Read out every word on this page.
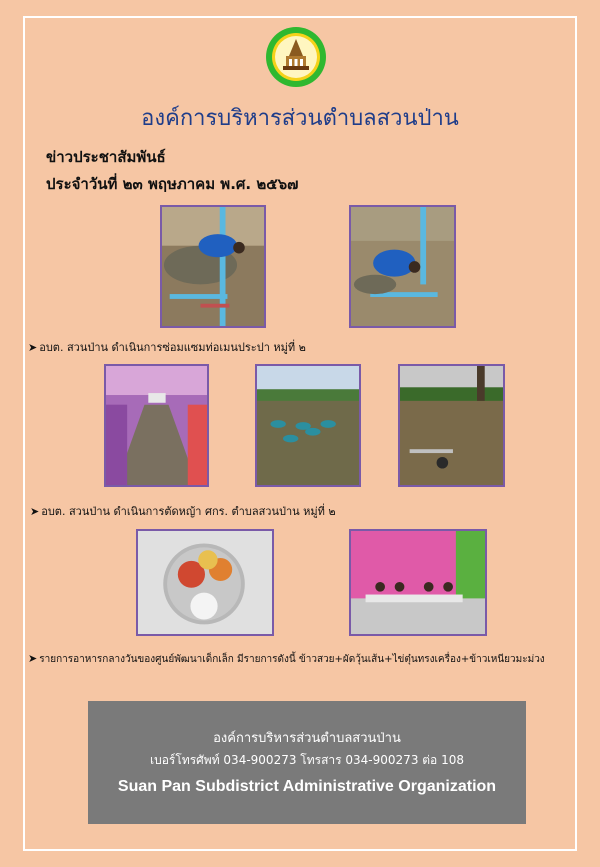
องค์การบริหารส่วนตำบลสวนป่าน
ข่าวประชาสัมพันธ์
ประจำวันที่ ๒๓ พฤษภาคม พ.ศ. ๒๕๖๗
➤ อบต. สวนป่าน ดำเนินการซ่อมแซมท่อเมนประปา หมู่ที่ ๒
➤ อบต. สวนป่าน ดำเนินการตัดหญ้า ศกร. ตำบลสวนป่าน หมู่ที่ ๒
➤ รายการอาหารกลางวันของศูนย์พัฒนาเด็กเล็ก มีรายการดังนี้ ข้าวสวย+ผัดวุ้นเส้น+ไข่ตุ๋นทรงเครื่อง+ข้าวเหนียวมะม่วง
องค์การบริหารส่วนตำบลสวนป่าน
เบอร์โทรศัพท์ 034-900273 โทรสาร 034-900273 ต่อ 108
Suan Pan Subdistrict Administrative Organization
